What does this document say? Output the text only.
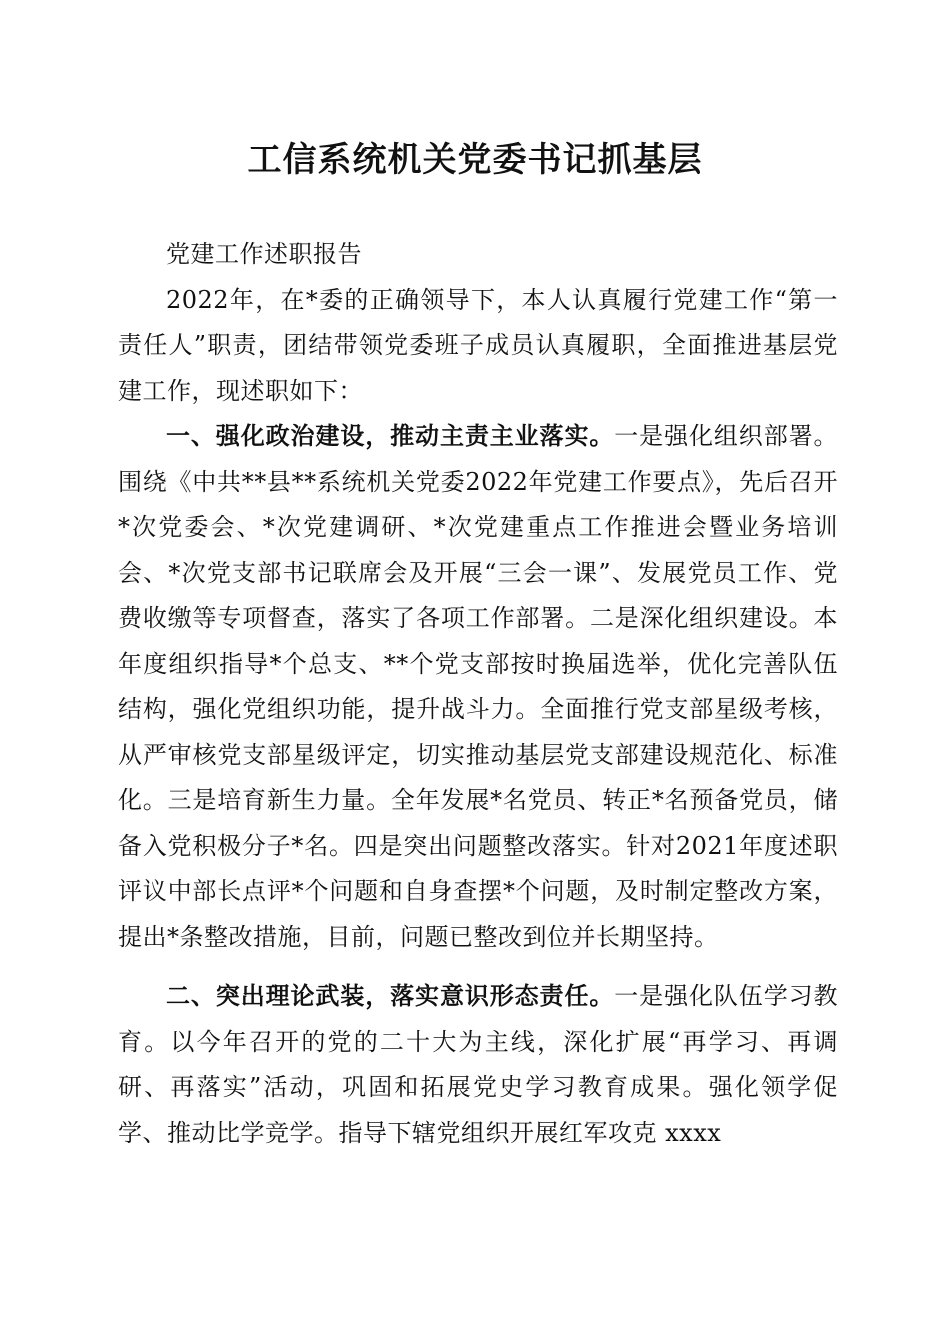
工信系统机关党委书记抓基层

党建工作述职报告

2022年，在*委的正确领导下，本人认真履行党建工作“第一责任人”职责，团结带领党委班子成员认真履职，全面推进基层党建工作，现述职如下：

一、强化政治建设，推动主责主业落实。一是强化组织部署。围绕《中共**县**系统机关党委2022年党建工作要点》，先后召开*次党委会、*次党建调研、*次党建重点工作推进会暨业务培训会、*次党支部书记联席会及开展“三会一课”、发展党员工作、党费收缴等专项督查，落实了各项工作部署。二是深化组织建设。本年度组织指导*个总支、**个党支部按时换届选举，优化完善队伍结构，强化党组织功能，提升战斗力。全面推行党支部星级考核，从严审核党支部星级评定，切实推动基层党支部建设规范化、标准化。三是培育新生力量。全年发展*名党员、转正*名预备党员，储备入党积极分子*名。四是突出问题整改落实。针对2021年度述职评议中部长点评*个问题和自身查摆*个问题，及时制定整改方案，提出*条整改措施，目前，问题已整改到位并长期坚持。

二、突出理论武装，落实意识形态责任。一是强化队伍学习教育。以今年召开的党的二十大为主线，深化扩展“再学习、再调研、再落实”活动，巩固和拓展党史学习教育成果。强化领学促学、推动比学竞学。指导下辖党组织开展红军攻克 xxxx
